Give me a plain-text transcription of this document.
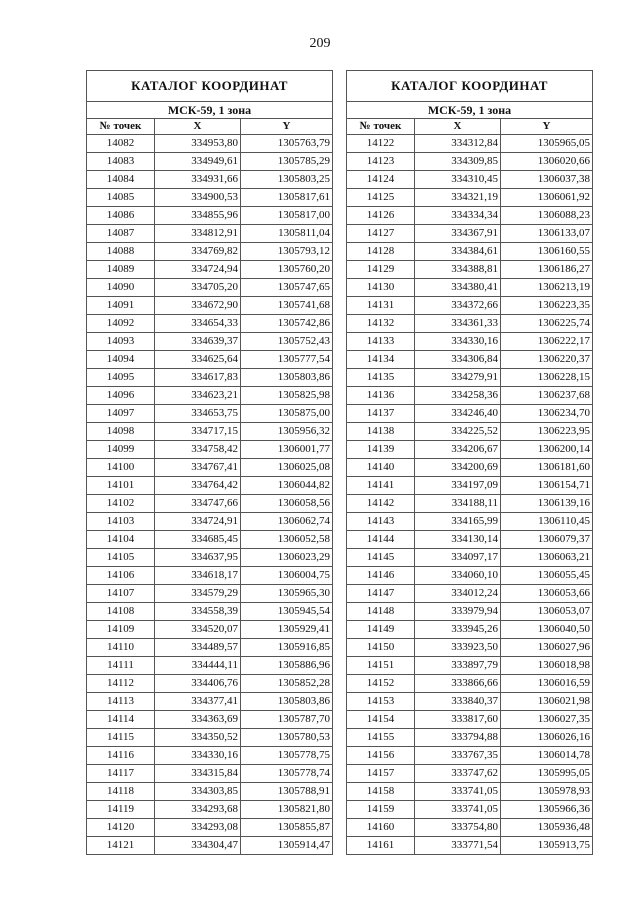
209
КАТАЛОГ КООРДИНАТ		
МСК-59, 1 зона		
№ точек	X	Y
14082	334953,80	1305763,79
14083	334949,61	1305785,29
14084	334931,66	1305803,25
14085	334900,53	1305817,61
14086	334855,96	1305817,00
14087	334812,91	1305811,04
14088	334769,82	1305793,12
14089	334724,94	1305760,20
14090	334705,20	1305747,65
14091	334672,90	1305741,68
14092	334654,33	1305742,86
14093	334639,37	1305752,43
14094	334625,64	1305777,54
14095	334617,83	1305803,86
14096	334623,21	1305825,98
14097	334653,75	1305875,00
14098	334717,15	1305956,32
14099	334758,42	1306001,77
14100	334767,41	1306025,08
14101	334764,42	1306044,82
14102	334747,66	1306058,56
14103	334724,91	1306062,74
14104	334685,45	1306052,58
14105	334637,95	1306023,29
14106	334618,17	1306004,75
14107	334579,29	1305965,30
14108	334558,39	1305945,54
14109	334520,07	1305929,41
14110	334489,57	1305916,85
14111	334444,11	1305886,96
14112	334406,76	1305852,28
14113	334377,41	1305803,86
14114	334363,69	1305787,70
14115	334350,52	1305780,53
14116	334330,16	1305778,75
14117	334315,84	1305778,74
14118	334303,85	1305788,91
14119	334293,68	1305821,80
14120	334293,08	1305855,87
14121	334304,47	1305914,47
КАТАЛОГ КООРДИНАТ		
МСК-59, 1 зона		
№ точек	X	Y
14122	334312,84	1305965,05
14123	334309,85	1306020,66
14124	334310,45	1306037,38
14125	334321,19	1306061,92
14126	334334,34	1306088,23
14127	334367,91	1306133,07
14128	334384,61	1306160,55
14129	334388,81	1306186,27
14130	334380,41	1306213,19
14131	334372,66	1306223,35
14132	334361,33	1306225,74
14133	334330,16	1306222,17
14134	334306,84	1306220,37
14135	334279,91	1306228,15
14136	334258,36	1306237,68
14137	334246,40	1306234,70
14138	334225,52	1306223,95
14139	334206,67	1306200,14
14140	334200,69	1306181,60
14141	334197,09	1306154,71
14142	334188,11	1306139,16
14143	334165,99	1306110,45
14144	334130,14	1306079,37
14145	334097,17	1306063,21
14146	334060,10	1306055,45
14147	334012,24	1306053,66
14148	333979,94	1306053,07
14149	333945,26	1306040,50
14150	333923,50	1306027,96
14151	333897,79	1306018,98
14152	333866,66	1306016,59
14153	333840,37	1306021,98
14154	333817,60	1306027,35
14155	333794,88	1306026,16
14156	333767,35	1306014,78
14157	333747,62	1305995,05
14158	333741,05	1305978,93
14159	333741,05	1305966,36
14160	333754,80	1305936,48
14161	333771,54	1305913,75
